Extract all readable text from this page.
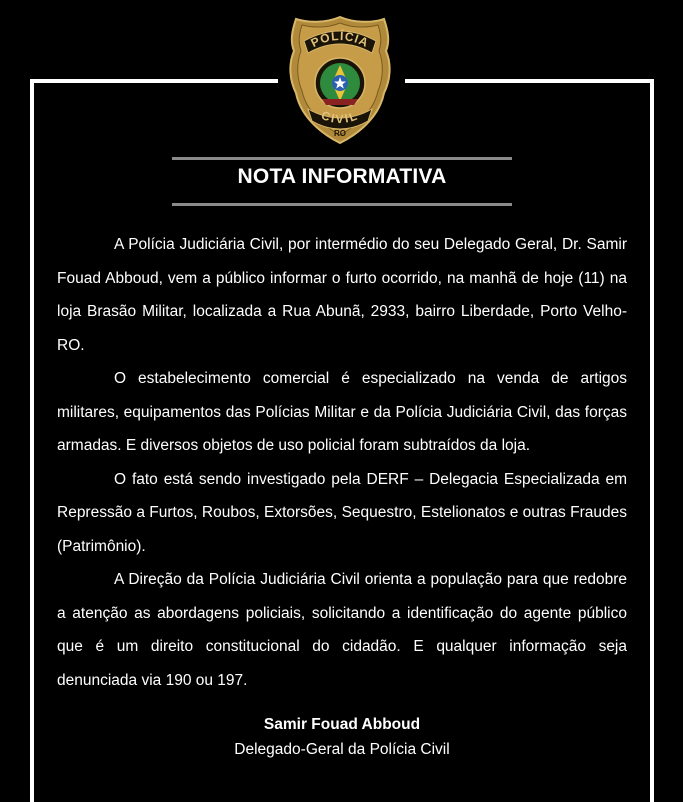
POLÍCIA
CIVIL
RO
NOTA INFORMATIVA

A Polícia Judiciária Civil, por intermédio do seu Delegado Geral, Dr. Samir Fouad Abboud, vem a público informar o furto ocorrido, na manhã de hoje (11) na loja Brasão Militar, localizada a Rua Abunã, 2933, bairro Liberdade, Porto Velho-RO.

O estabelecimento comercial é especializado na venda de artigos militares, equipamentos das Polícias Militar e da Polícia Judiciária Civil, das forças armadas. E diversos objetos de uso policial foram subtraídos da loja.

O fato está sendo investigado pela DERF – Delegacia Especializada em Repressão a Furtos, Roubos, Extorsões, Sequestro, Estelionatos e outras Fraudes (Patrimônio).

A Direção da Polícia Judiciária Civil orienta a população para que redobre a atenção as abordagens policiais, solicitando a identificação do agente público que é um direito constitucional do cidadão. E qualquer informação seja denunciada via 190 ou 197.

Samir Fouad Abboud
Delegado-Geral da Polícia Civil
